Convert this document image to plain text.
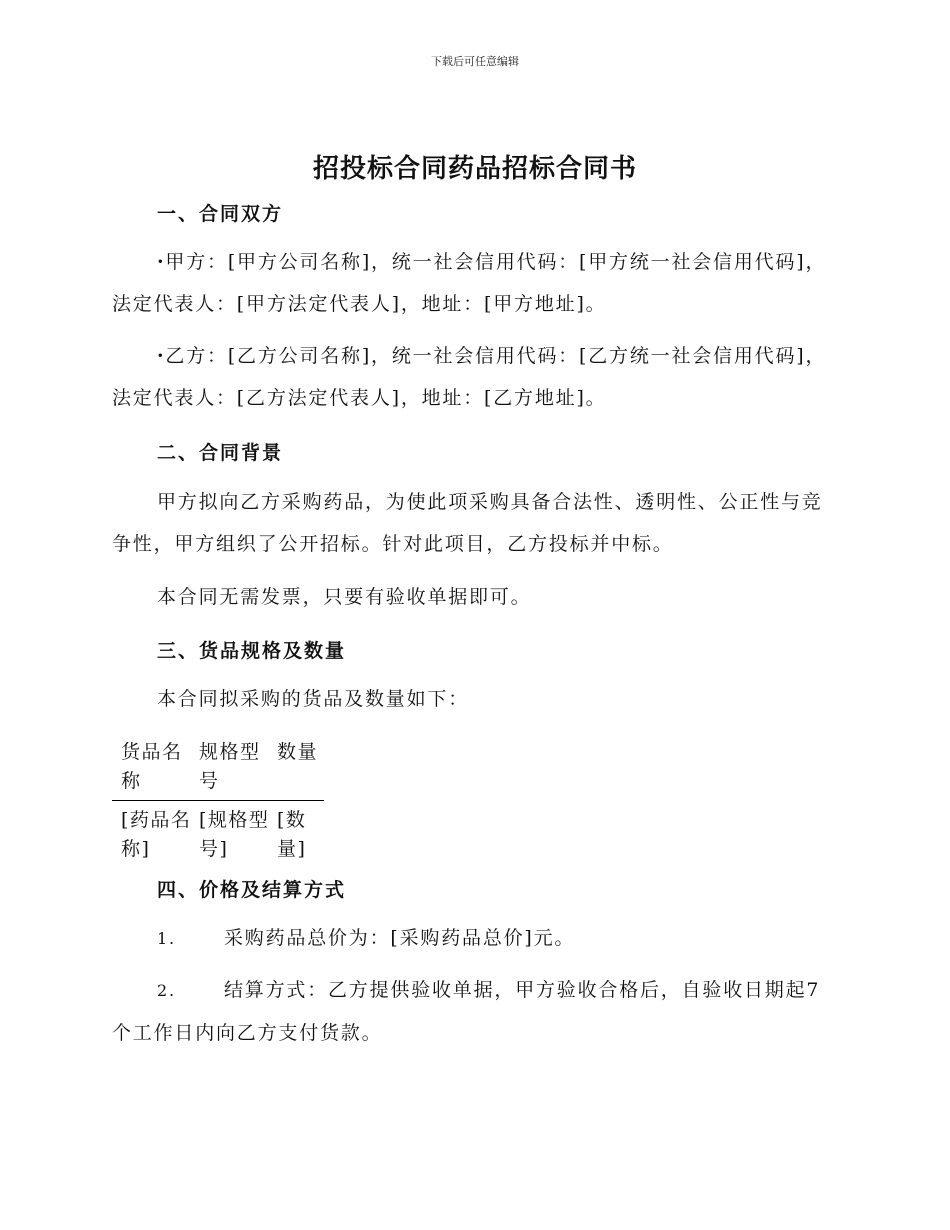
下载后可任意编辑
招投标合同药品招标合同书
一、合同双方

·甲方：[甲方公司名称]，统一社会信用代码：[甲方统一社会信用代码]，法定代表人：[甲方法定代表人]，地址：[甲方地址]。

·乙方：[乙方公司名称]，统一社会信用代码：[乙方统一社会信用代码]，法定代表人：[乙方法定代表人]，地址：[乙方地址]。

二、合同背景

甲方拟向乙方采购药品，为使此项采购具备合法性、透明性、公正性与竞争性，甲方组织了公开招标。针对此项目，乙方投标并中标。

本合同无需发票，只要有验收单据即可。

三、货品规格及数量

本合同拟采购的货品及数量如下：

货品名称	规格型号	数量

[药品名称]	[规格型号]	[数量]
四、价格及结算方式

1.	采购药品总价为：[采购药品总价]元。

2.	结算方式：乙方提供验收单据，甲方验收合格后，自验收日期起7个工作日内向乙方支付货款。
